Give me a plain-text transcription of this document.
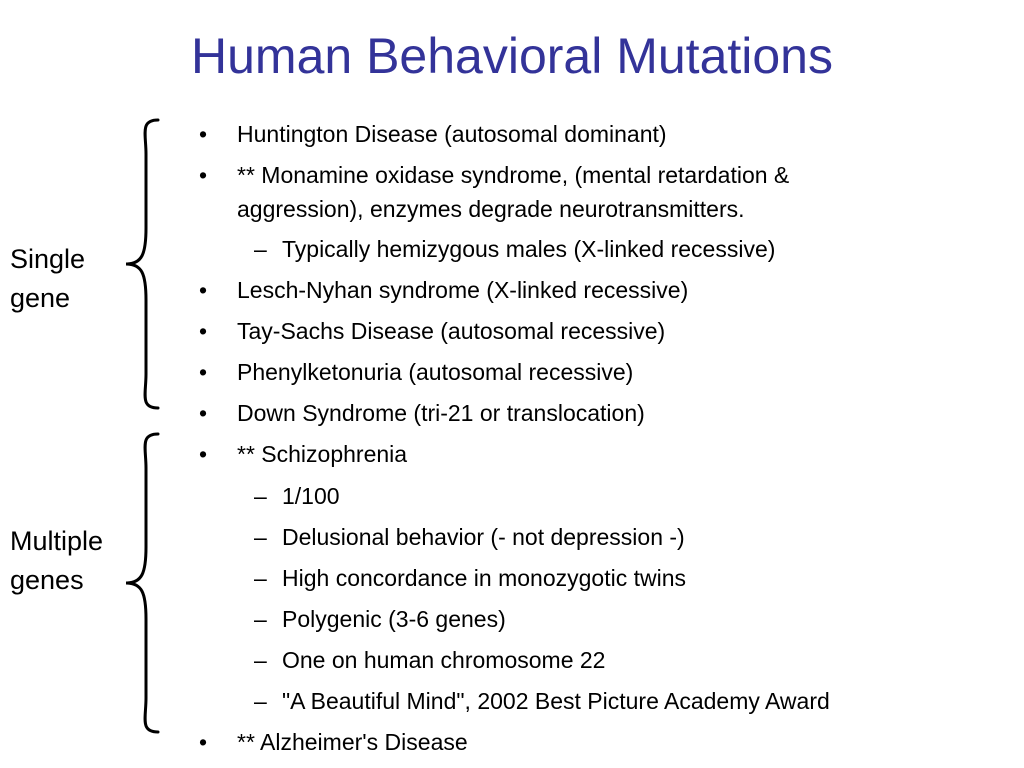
Human Behavioral Mutations
Single
gene
Multiple
genes
• Huntington Disease (autosomal dominant)
• ** Monamine oxidase syndrome, (mental retardation &
aggression), enzymes degrade neurotransmitters.
– Typically hemizygous males (X-linked recessive)
• Lesch-Nyhan syndrome (X-linked recessive)
• Tay-Sachs Disease (autosomal recessive)
• Phenylketonuria (autosomal recessive)
• Down Syndrome (tri-21 or translocation)
• ** Schizophrenia
– 1/100
– Delusional behavior (- not depression -)
– High concordance in monozygotic twins
– Polygenic (3-6 genes)
– One on human chromosome 22
– "A Beautiful Mind", 2002 Best Picture Academy Award
• ** Alzheimer's Disease
